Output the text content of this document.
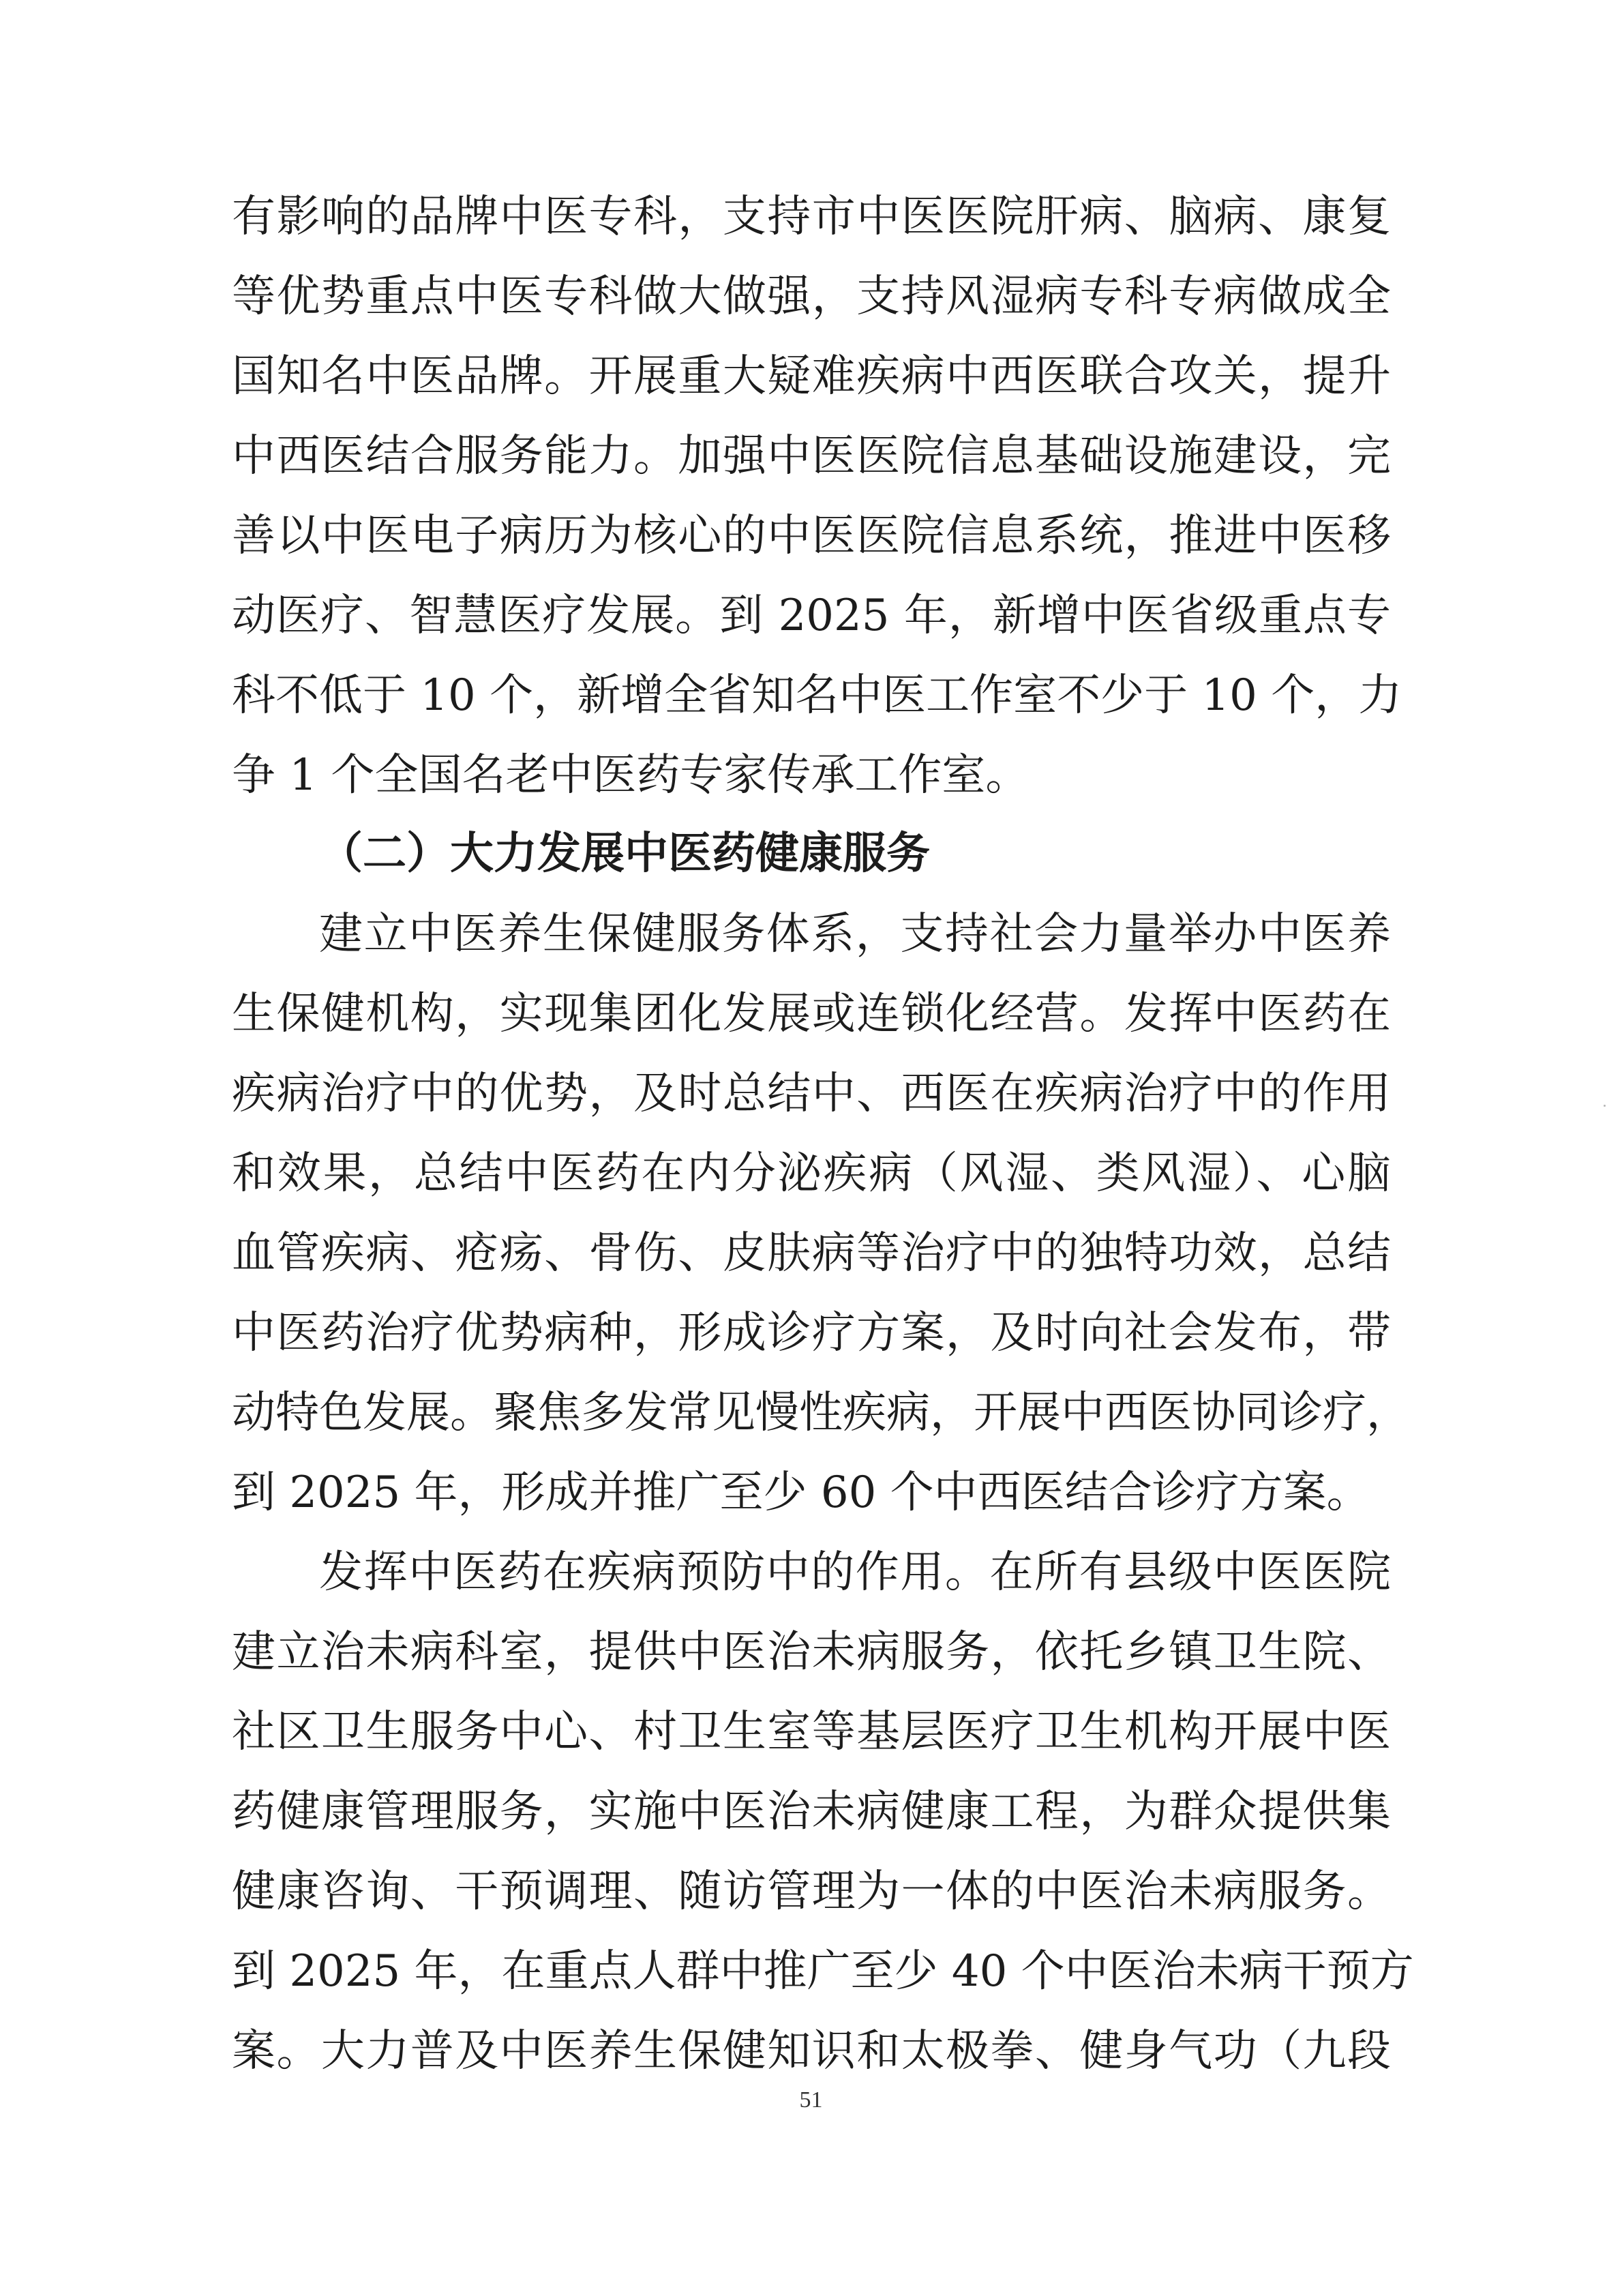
有影响的品牌中医专科，支持市中医医院肝病、脑病、康复
等优势重点中医专科做大做强，支持风湿病专科专病做成全
国知名中医品牌。开展重大疑难疾病中西医联合攻关，提升
中西医结合服务能力。加强中医医院信息基础设施建设，完
善以中医电子病历为核心的中医医院信息系统，推进中医移
动医疗、智慧医疗发展。到 2025 年，新增中医省级重点专
科不低于 10 个，新增全省知名中医工作室不少于 10 个，力
争 1 个全国名老中医药专家传承工作室。
（二）大力发展中医药健康服务
建立中医养生保健服务体系，支持社会力量举办中医养
生保健机构，实现集团化发展或连锁化经营。发挥中医药在
疾病治疗中的优势，及时总结中、西医在疾病治疗中的作用
和效果，总结中医药在内分泌疾病（风湿、类风湿）、心脑
血管疾病、疮疡、骨伤、皮肤病等治疗中的独特功效，总结
中医药治疗优势病种，形成诊疗方案，及时向社会发布，带
动特色发展。聚焦多发常见慢性疾病，开展中西医协同诊疗，
到 2025 年，形成并推广至少 60 个中西医结合诊疗方案。
发挥中医药在疾病预防中的作用。在所有县级中医医院
建立治未病科室，提供中医治未病服务，依托乡镇卫生院、
社区卫生服务中心、村卫生室等基层医疗卫生机构开展中医
药健康管理服务，实施中医治未病健康工程，为群众提供集
健康咨询、干预调理、随访管理为一体的中医治未病服务。
到 2025 年，在重点人群中推广至少 40 个中医治未病干预方
案。大力普及中医养生保健知识和太极拳、健身气功（九段
51
